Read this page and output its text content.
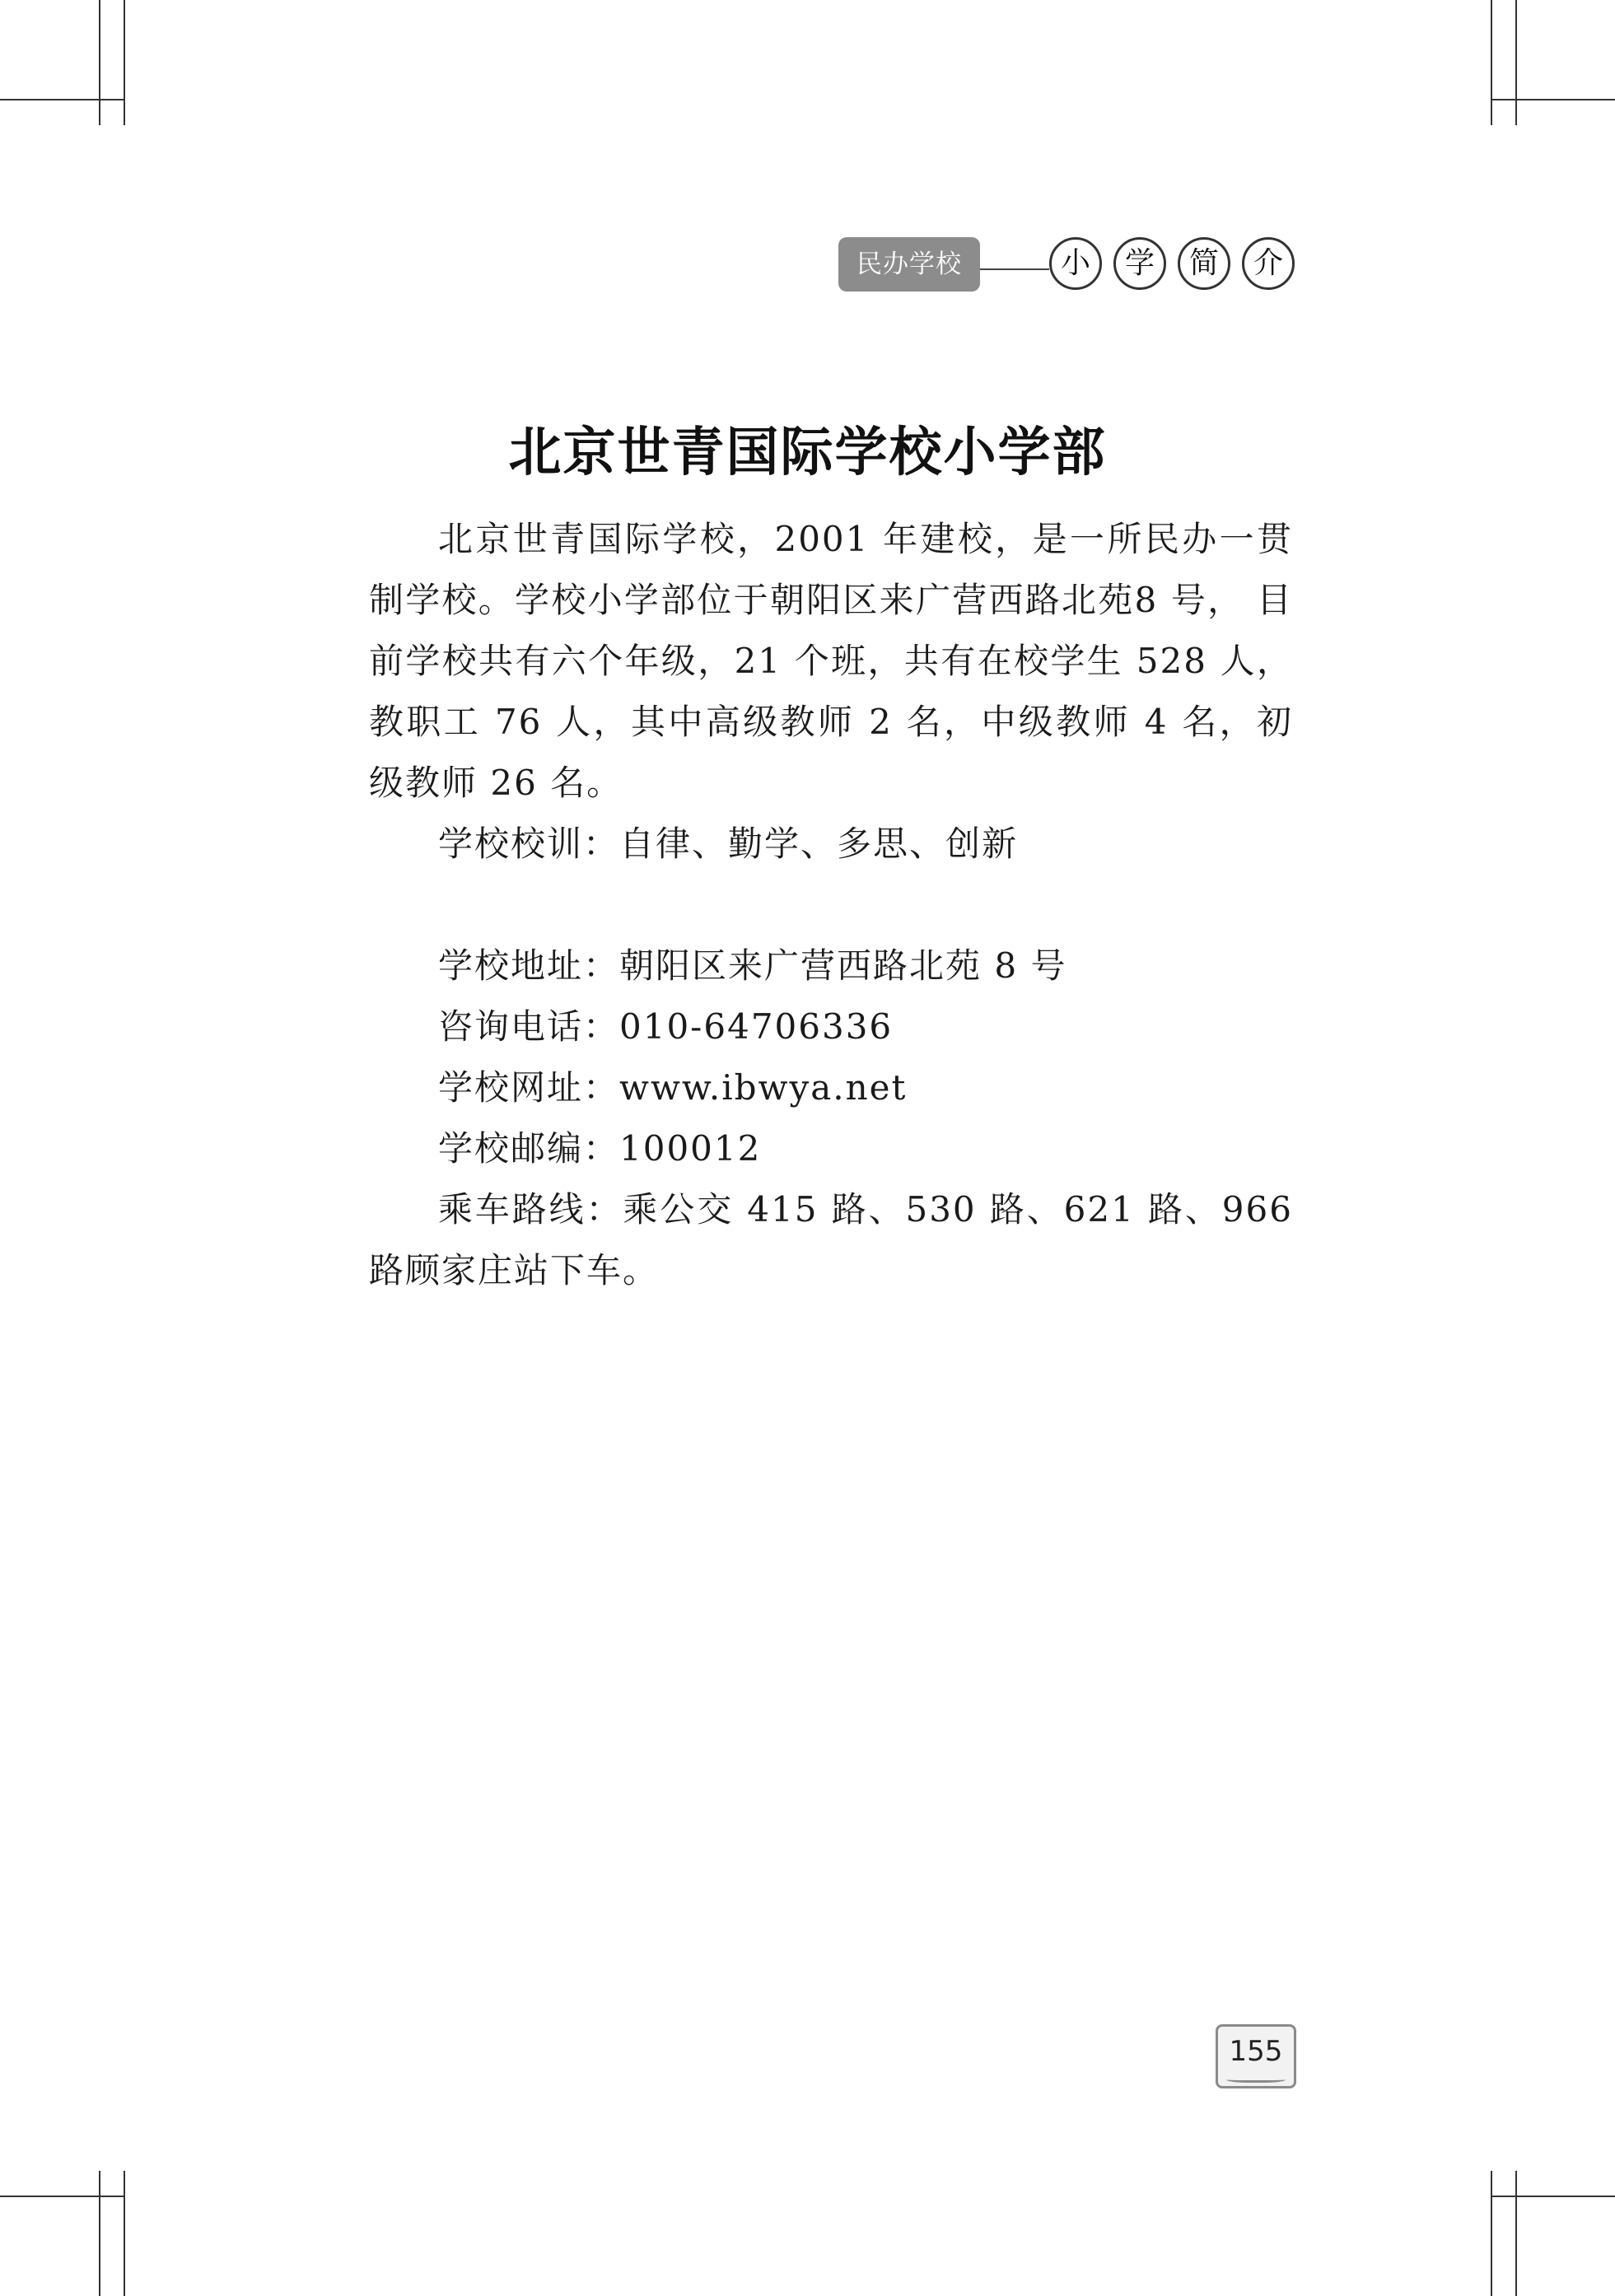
民办学校	小	学	简	介
北京世青国际学校小学部

北京世青国际学校，2001 年建校，是一所民办一贯制学校。学校小学部位于朝阳区来广营西路北苑8 号， 目前学校共有六个年级，21 个班，共有在校学生 528 人， 教职工 76 人，其中高级教师 2 名，中级教师 4 名，初级教师 26 名。

学校校训：自律、勤学、多思、创新

学校地址：朝阳区来广营西路北苑 8 号

咨询电话：010-64706336

学校网址：www.ibwya.net

学校邮编：100012

乘车路线：乘公交 415 路、530 路、621 路、966 路顾家庄站下车。

155
